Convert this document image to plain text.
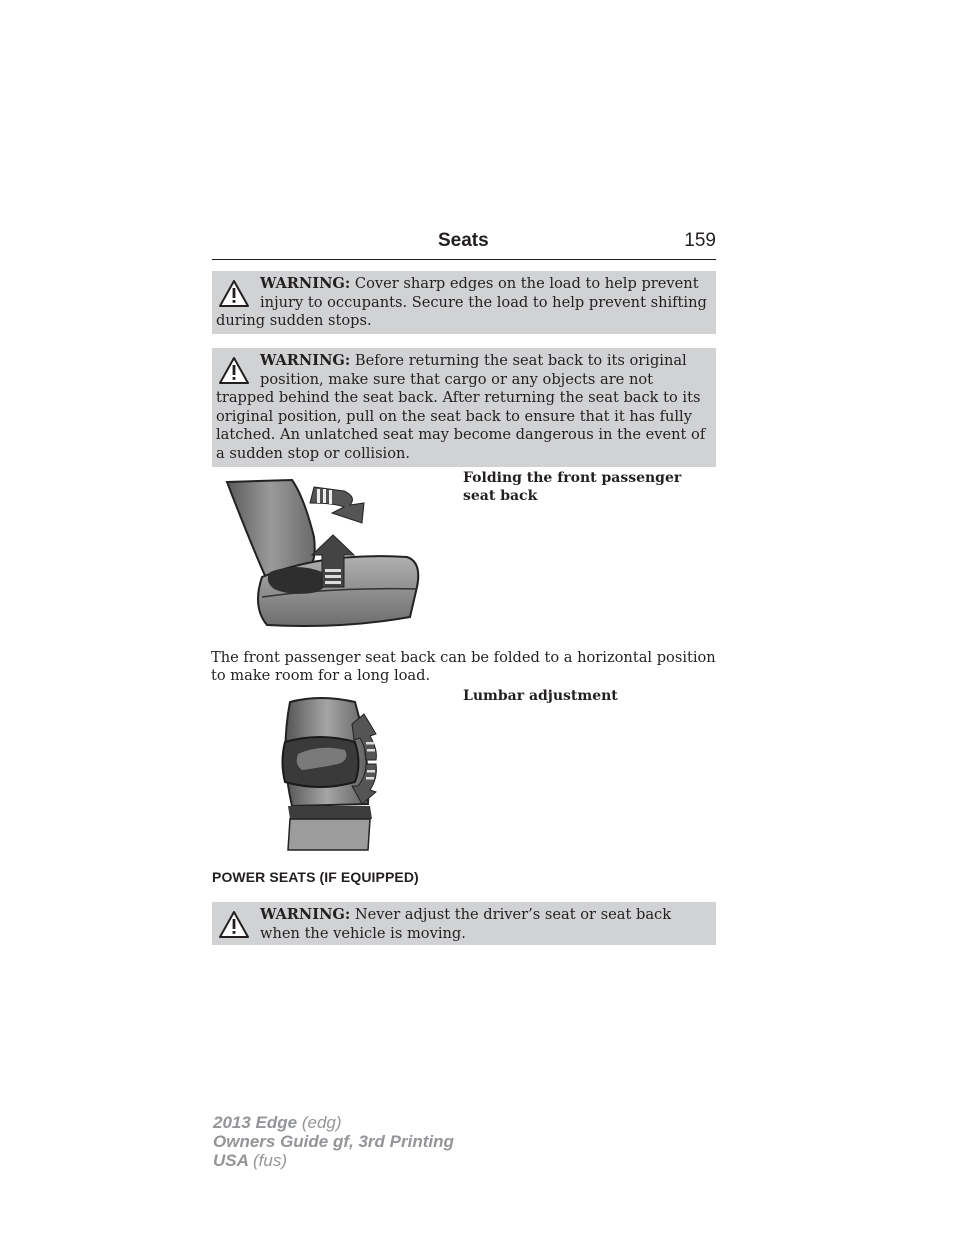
Seats	159
WARNING: Cover sharp edges on the load to help prevent injury to occupants. Secure the load to help prevent shifting during sudden stops.
WARNING: Before returning the seat back to its original position, make sure that cargo or any objects are not trapped behind the seat back. After returning the seat back to its original position, pull on the seat back to ensure that it has fully latched. An unlatched seat may become dangerous in the event of a sudden stop or collision.
Folding the front passenger seat back
The front passenger seat back can be folded to a horizontal position to make room for a long load.
Lumbar adjustment
POWER SEATS (IF EQUIPPED)
WARNING: Never adjust the driver’s seat or seat back when the vehicle is moving.
2013 Edge (edg)
Owners Guide gf, 3rd Printing
USA (fus)
